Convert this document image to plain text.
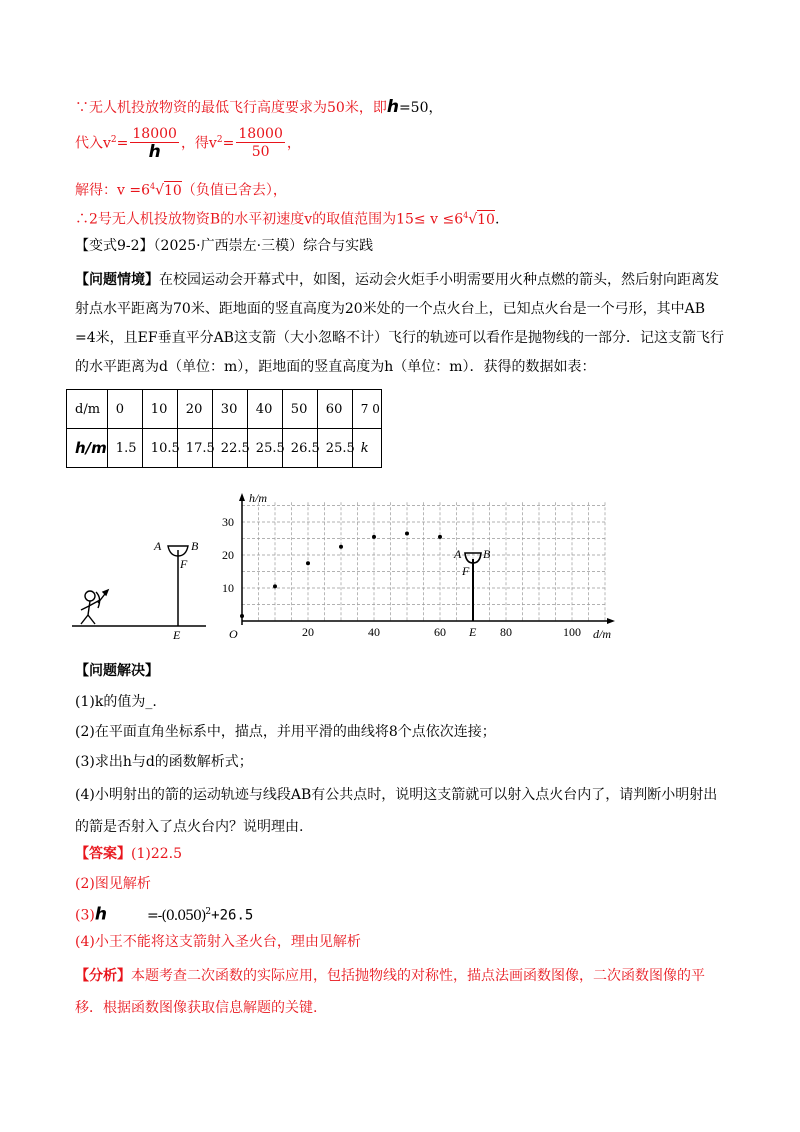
∵无人机投放物资的最低飞行高度要求为50米，即h=50，
代入$v^2= \frac{18000}{h}$ ，得$v^2= \frac{18000}{50}$ ，
解得：$v =6^4√10$（负值已舍去），
∴2号无人机投放物资B的水平初速度v的取值范围为$15\le v \le 6^4√10$.
【变式9-2】（2025·广西崇左·三模）综合与实践

【问题情境】在校园运动会开幕式中，如图，运动会火炬手小明需要用火种点燃的箭头，然后射向距离发射点水平距离为70米、距地面的竖直高度为20米处的一个点火台上，已知点火台是一个弓形，其中AB =4米，且EF垂直平分AB这支箭（大小忽略不计）飞行的轨迹可以看作是抛物线的一部分．记这支箭飞行的水平距离为d（单位：m），距地面的竖直高度为h（单位：m）．获得的数据如表：

d/m	0	10	20	30	40	50	60	7 0
h/m	1.5	10.5	17.5	22.5	25.5	26.5	25.5	k
A B
F
E
h/m
d/m
O
30
20
10
20	40	60	80	100
A B
F
E
【问题解决】
(1)k的值为_.
(2)在平面直角坐标系中，描点，并用平滑的曲线将8个点依次连接；
(3)求出h与d的函数解析式；

(4)小明射出的箭的运动轨迹与线段AB有公共点时，说明这支箭就可以射入点火台内了，请判断小明射出的箭是否射入了点火台内？说明理由.

【答案】(1)22.5
(2)图见解析
(3)h	$=-(0.050)^2+26.5$
(4)小王不能将这支箭射入圣火台，理由见解析

【分析】本题考查二次函数的实际应用，包括抛物线的对称性，描点法画函数图像，二次函数图像的平移．根据函数图像获取信息解题的关键.
